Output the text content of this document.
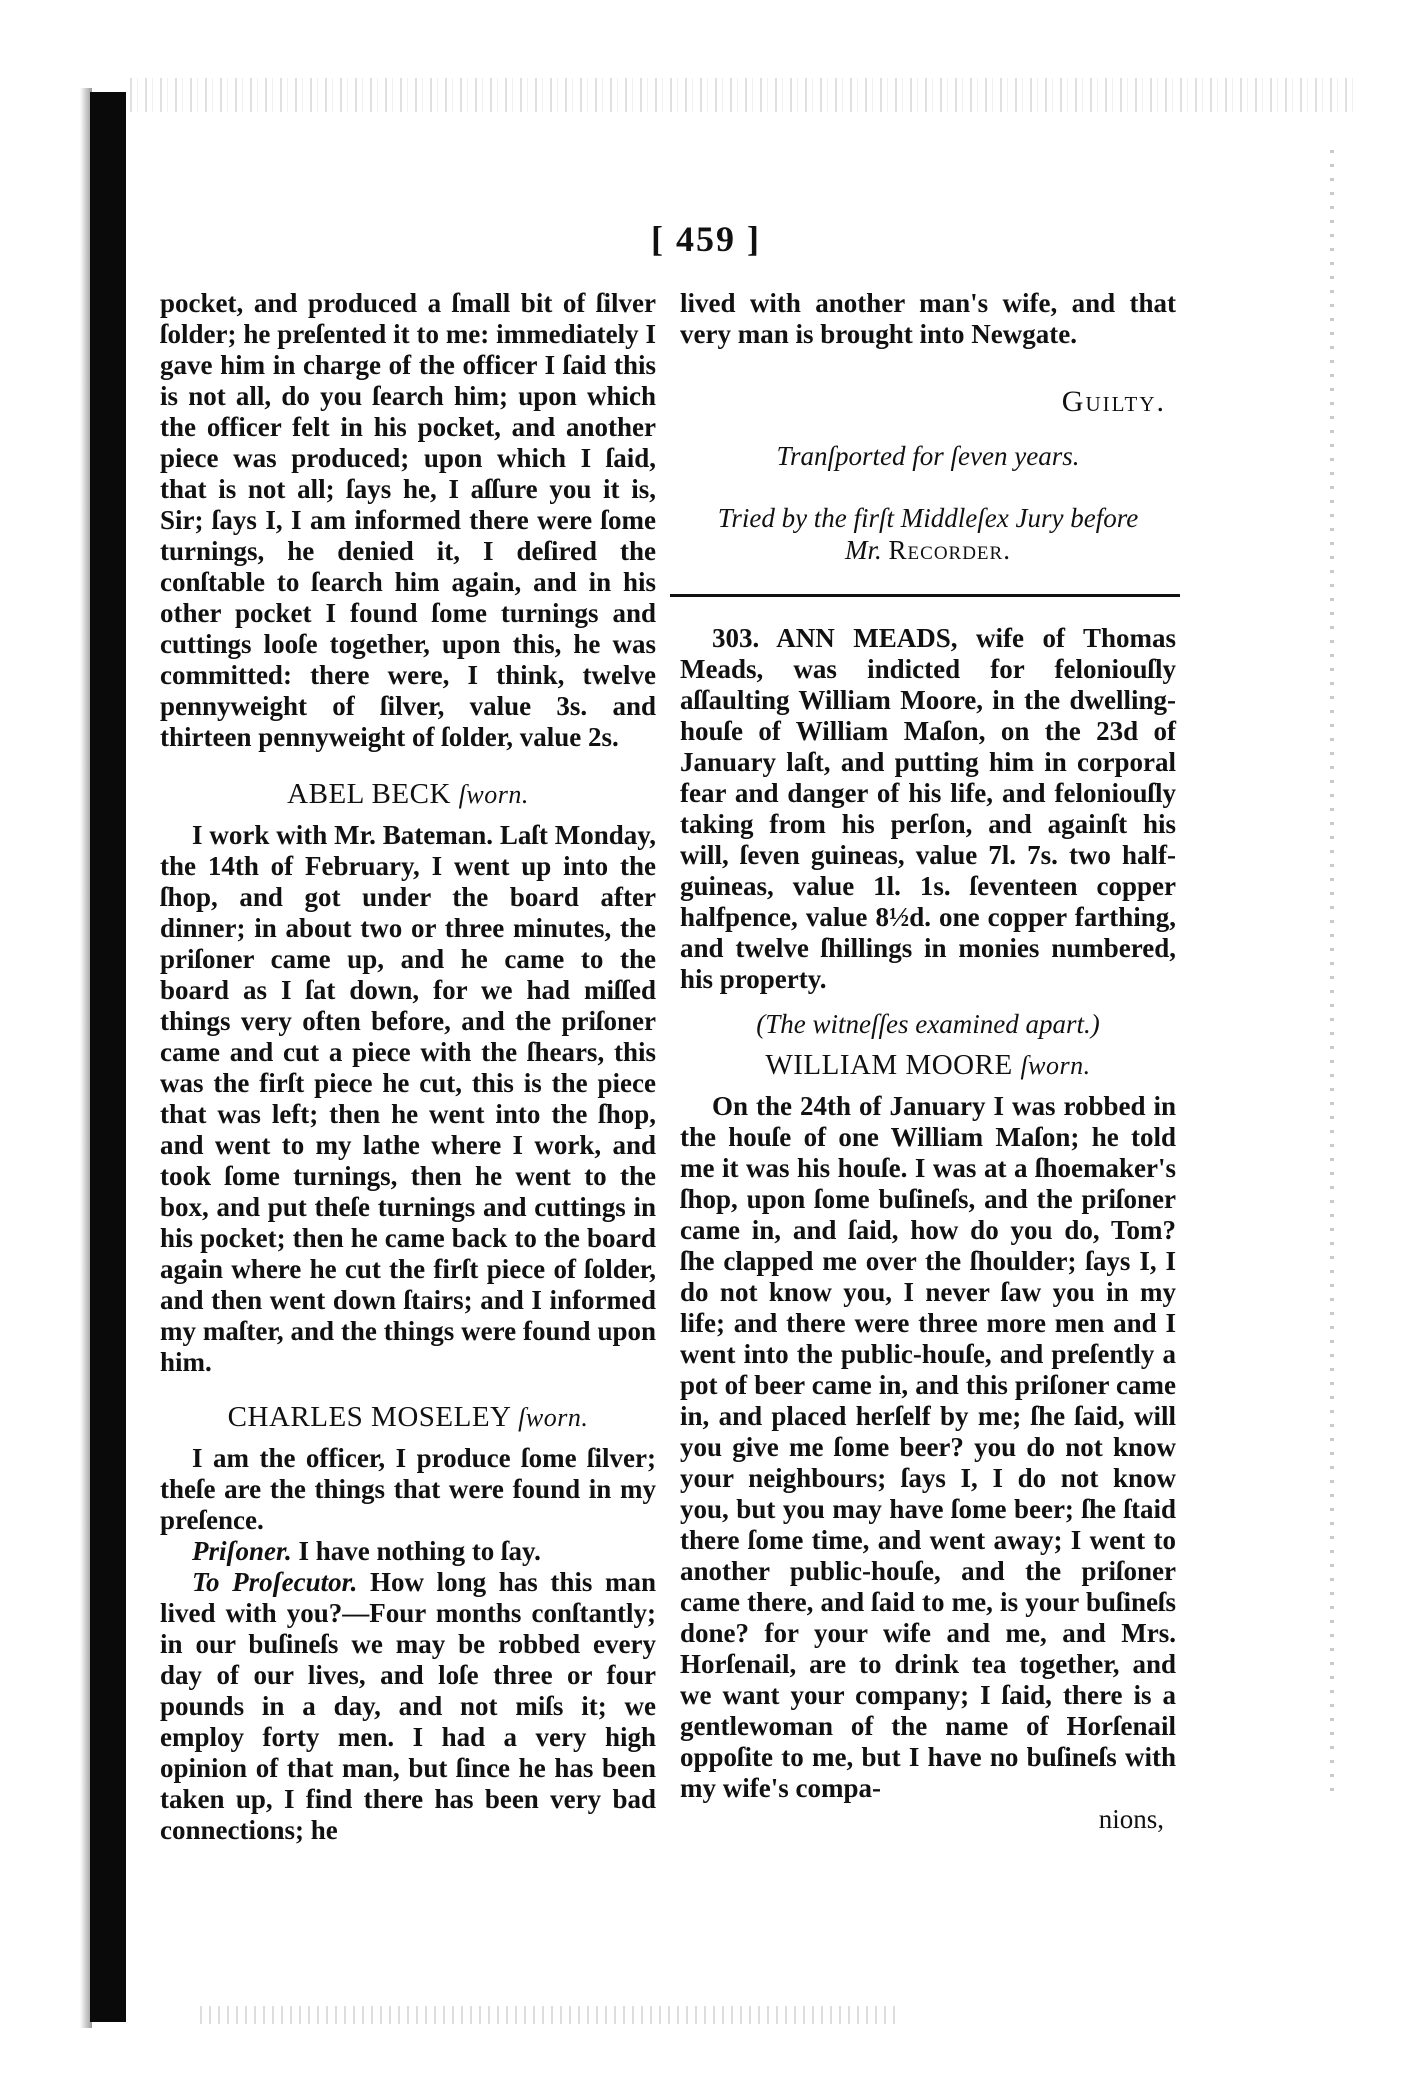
[ 459 ]

pocket, and produced a ſmall bit of ſilver ſolder; he preſented it to me: immediately I gave him in charge of the officer I ſaid this is not all, do you ſearch him; upon which the officer felt in his pocket, and another piece was produced; upon which I ſaid, that is not all; ſays he, I aſſure you it is, Sir; ſays I, I am informed there were ſome turnings, he denied it, I deſired the conſtable to ſearch him again, and in his other pocket I found ſome turnings and cuttings looſe together, upon this, he was committed: there were, I think, twelve pennyweight of ſilver, value 3s. and thirteen pennyweight of ſolder, value 2s.

ABEL BECK ſworn.

I work with Mr. Bateman. Laſt Monday, the 14th of February, I went up into the ſhop, and got under the board after dinner; in about two or three minutes, the priſoner came up, and he came to the board as I ſat down, for we had miſſed things very often before, and the priſoner came and cut a piece with the ſhears, this was the firſt piece he cut, this is the piece that was left; then he went into the ſhop, and went to my lathe where I work, and took ſome turnings, then he went to the box, and put theſe turnings and cuttings in his pocket; then he came back to the board again where he cut the firſt piece of ſolder, and then went down ſtairs; and I informed my maſter, and the things were found upon him.

CHARLES MOSELEY ſworn.

I am the officer, I produce ſome ſilver; theſe are the things that were found in my preſence.

Priſoner. I have nothing to ſay.

To Proſecutor. How long has this man lived with you?—Four months conſtantly; in our buſineſs we may be robbed every day of our lives, and loſe three or four pounds in a day, and not miſs it; we employ forty men. I had a very high opinion of that man, but ſince he has been taken up, I find there has been very bad connections; he

lived with another man's wife, and that very man is brought into Newgate.

Guilty.
Tranſported for ſeven years.
Tried by the firſt Middleſex Jury before
Mr. Recorder.

303. ANN MEADS, wife of Thomas Meads, was indicted for feloniouſly aſſaulting William Moore, in the dwelling-houſe of William Maſon, on the 23d of January laſt, and putting him in corporal fear and danger of his life, and feloniouſly taking from his perſon, and againſt his will, ſeven guineas, value 7l. 7s. two half-guineas, value 1l. 1s. ſeventeen copper halfpence, value 8½d. one copper farthing, and twelve ſhillings in monies numbered, his property.

(The witneſſes examined apart.)
WILLIAM MOORE ſworn.

On the 24th of January I was robbed in the houſe of one William Maſon; he told me it was his houſe. I was at a ſhoemaker's ſhop, upon ſome buſineſs, and the priſoner came in, and ſaid, how do you do, Tom? ſhe clapped me over the ſhoulder; ſays I, I do not know you, I never ſaw you in my life; and there were three more men and I went into the public-houſe, and preſently a pot of beer came in, and this priſoner came in, and placed herſelf by me; ſhe ſaid, will you give me ſome beer? you do not know your neighbours; ſays I, I do not know you, but you may have ſome beer; ſhe ſtaid there ſome time, and went away; I went to another public-houſe, and the priſoner came there, and ſaid to me, is your buſineſs done? for your wife and me, and Mrs. Horſenail, are to drink tea together, and we want your company; I ſaid, there is a gentlewoman of the name of Horſenail oppoſite to me, but I have no buſineſs with my wife's compa-

nions,
